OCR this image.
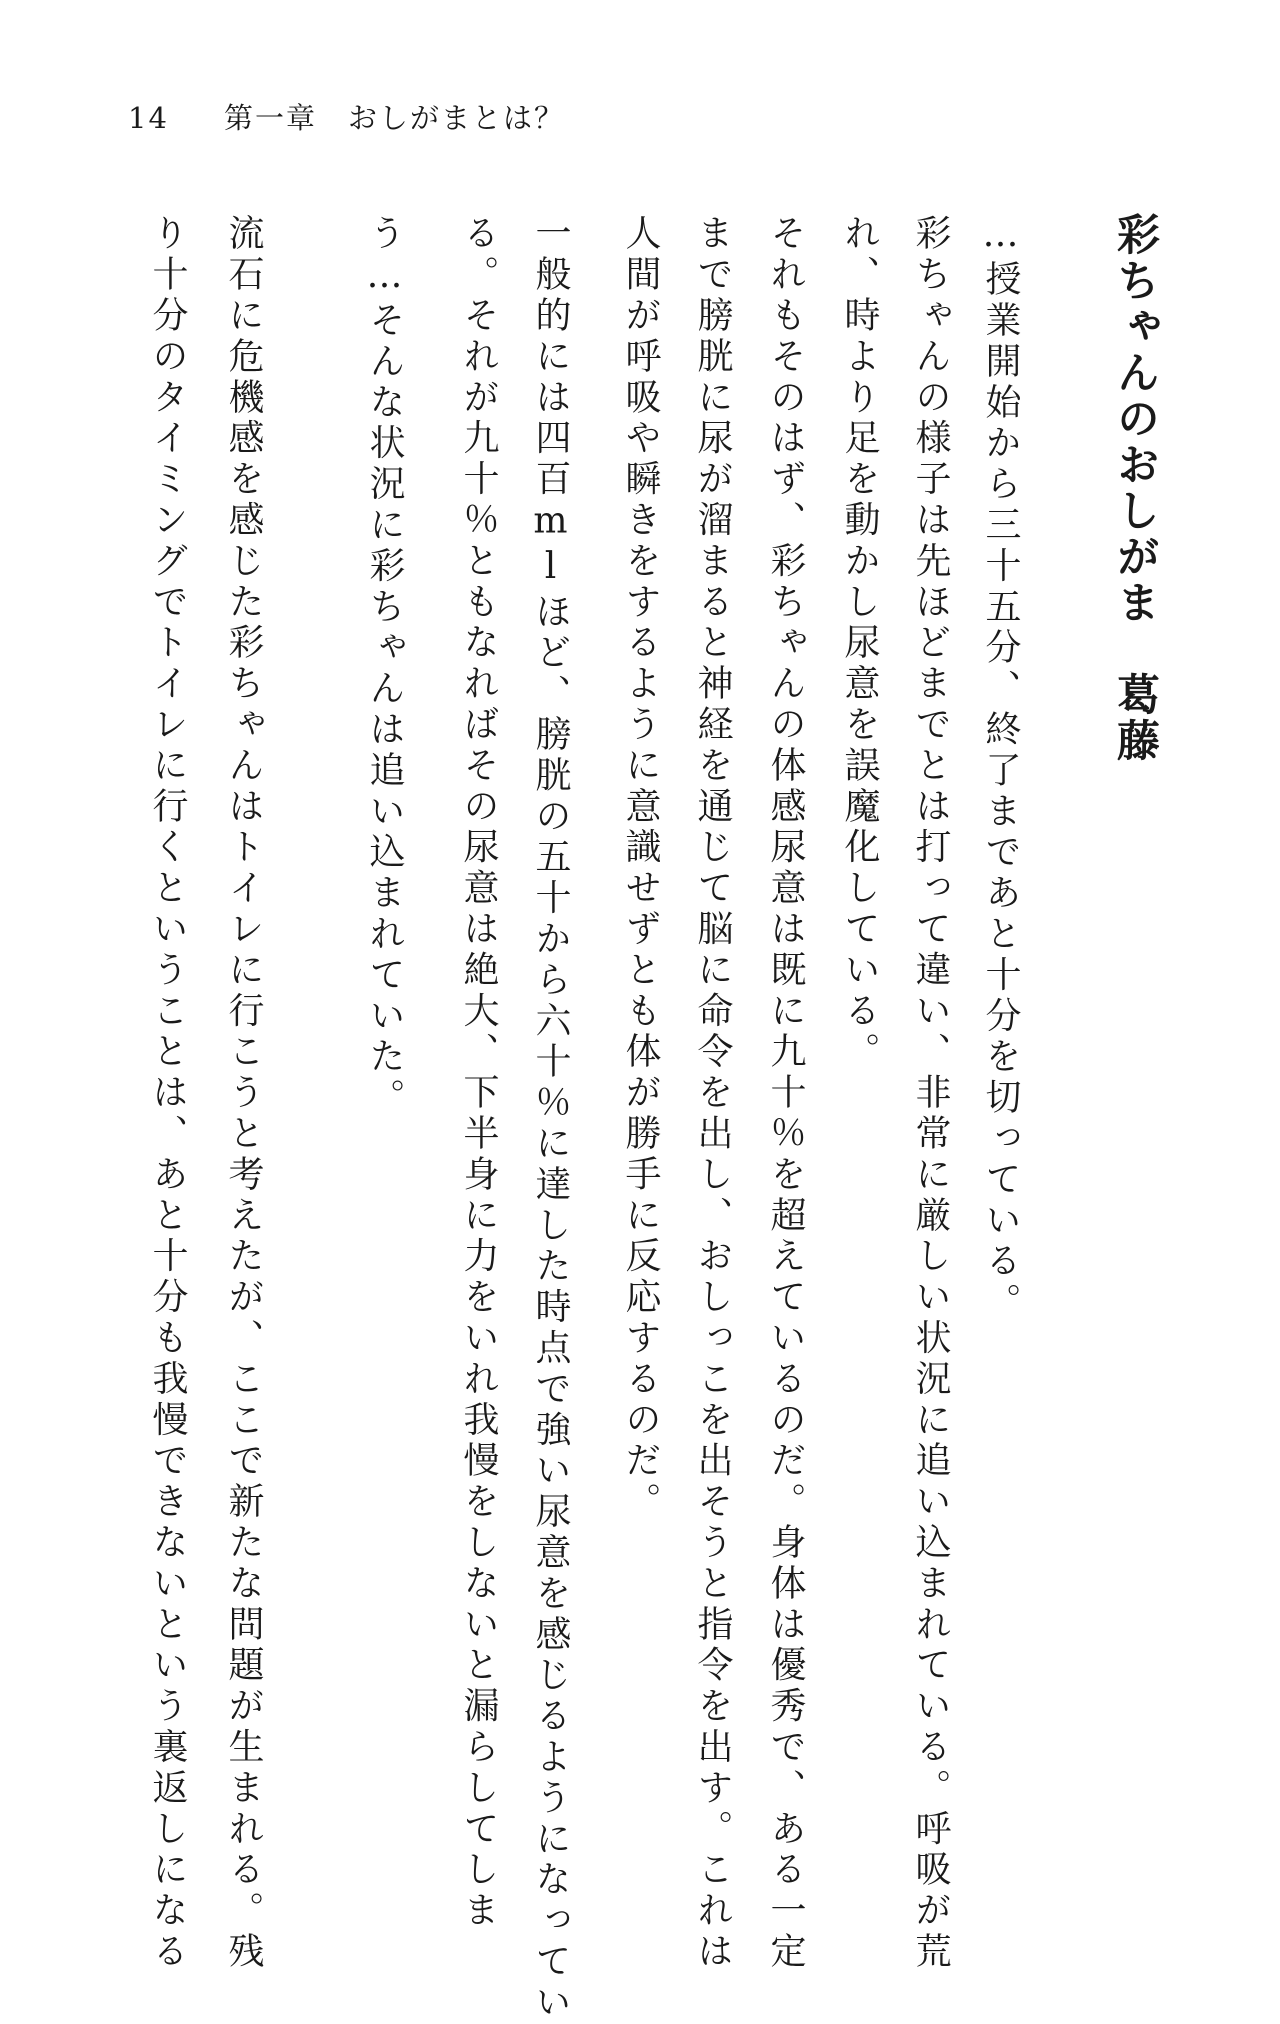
14 第一章　おしがまとは？
彩ちゃんのおしがま　葛藤
…授業開始から三十五分、終了まであと十分を切っている。
彩ちゃんの様子は先ほどまでとは打って違い、非常に厳しい状況に追い込まれている。呼吸が荒
れ、時より足を動かし尿意を誤魔化している。
それもそのはず、彩ちゃんの体感尿意は既に九十％を超えているのだ。身体は優秀で、ある一定
まで膀胱に尿が溜まると神経を通じて脳に命令を出し、おしっこを出そうと指令を出す。これは
人間が呼吸や瞬きをするように意識せずとも体が勝手に反応するのだ。
一般的には四百mlほど、膀胱の五十から六十％に達した時点で強い尿意を感じるようになってい
る。それが九十％ともなればその尿意は絶大、下半身に力をいれ我慢をしないと漏らしてしま
う…そんな状況に彩ちゃんは追い込まれていた。
流石に危機感を感じた彩ちゃんはトイレに行こうと考えたが、ここで新たな問題が生まれる。残
り十分のタイミングでトイレに行くということは、あと十分も我慢できないという裏返しになる
